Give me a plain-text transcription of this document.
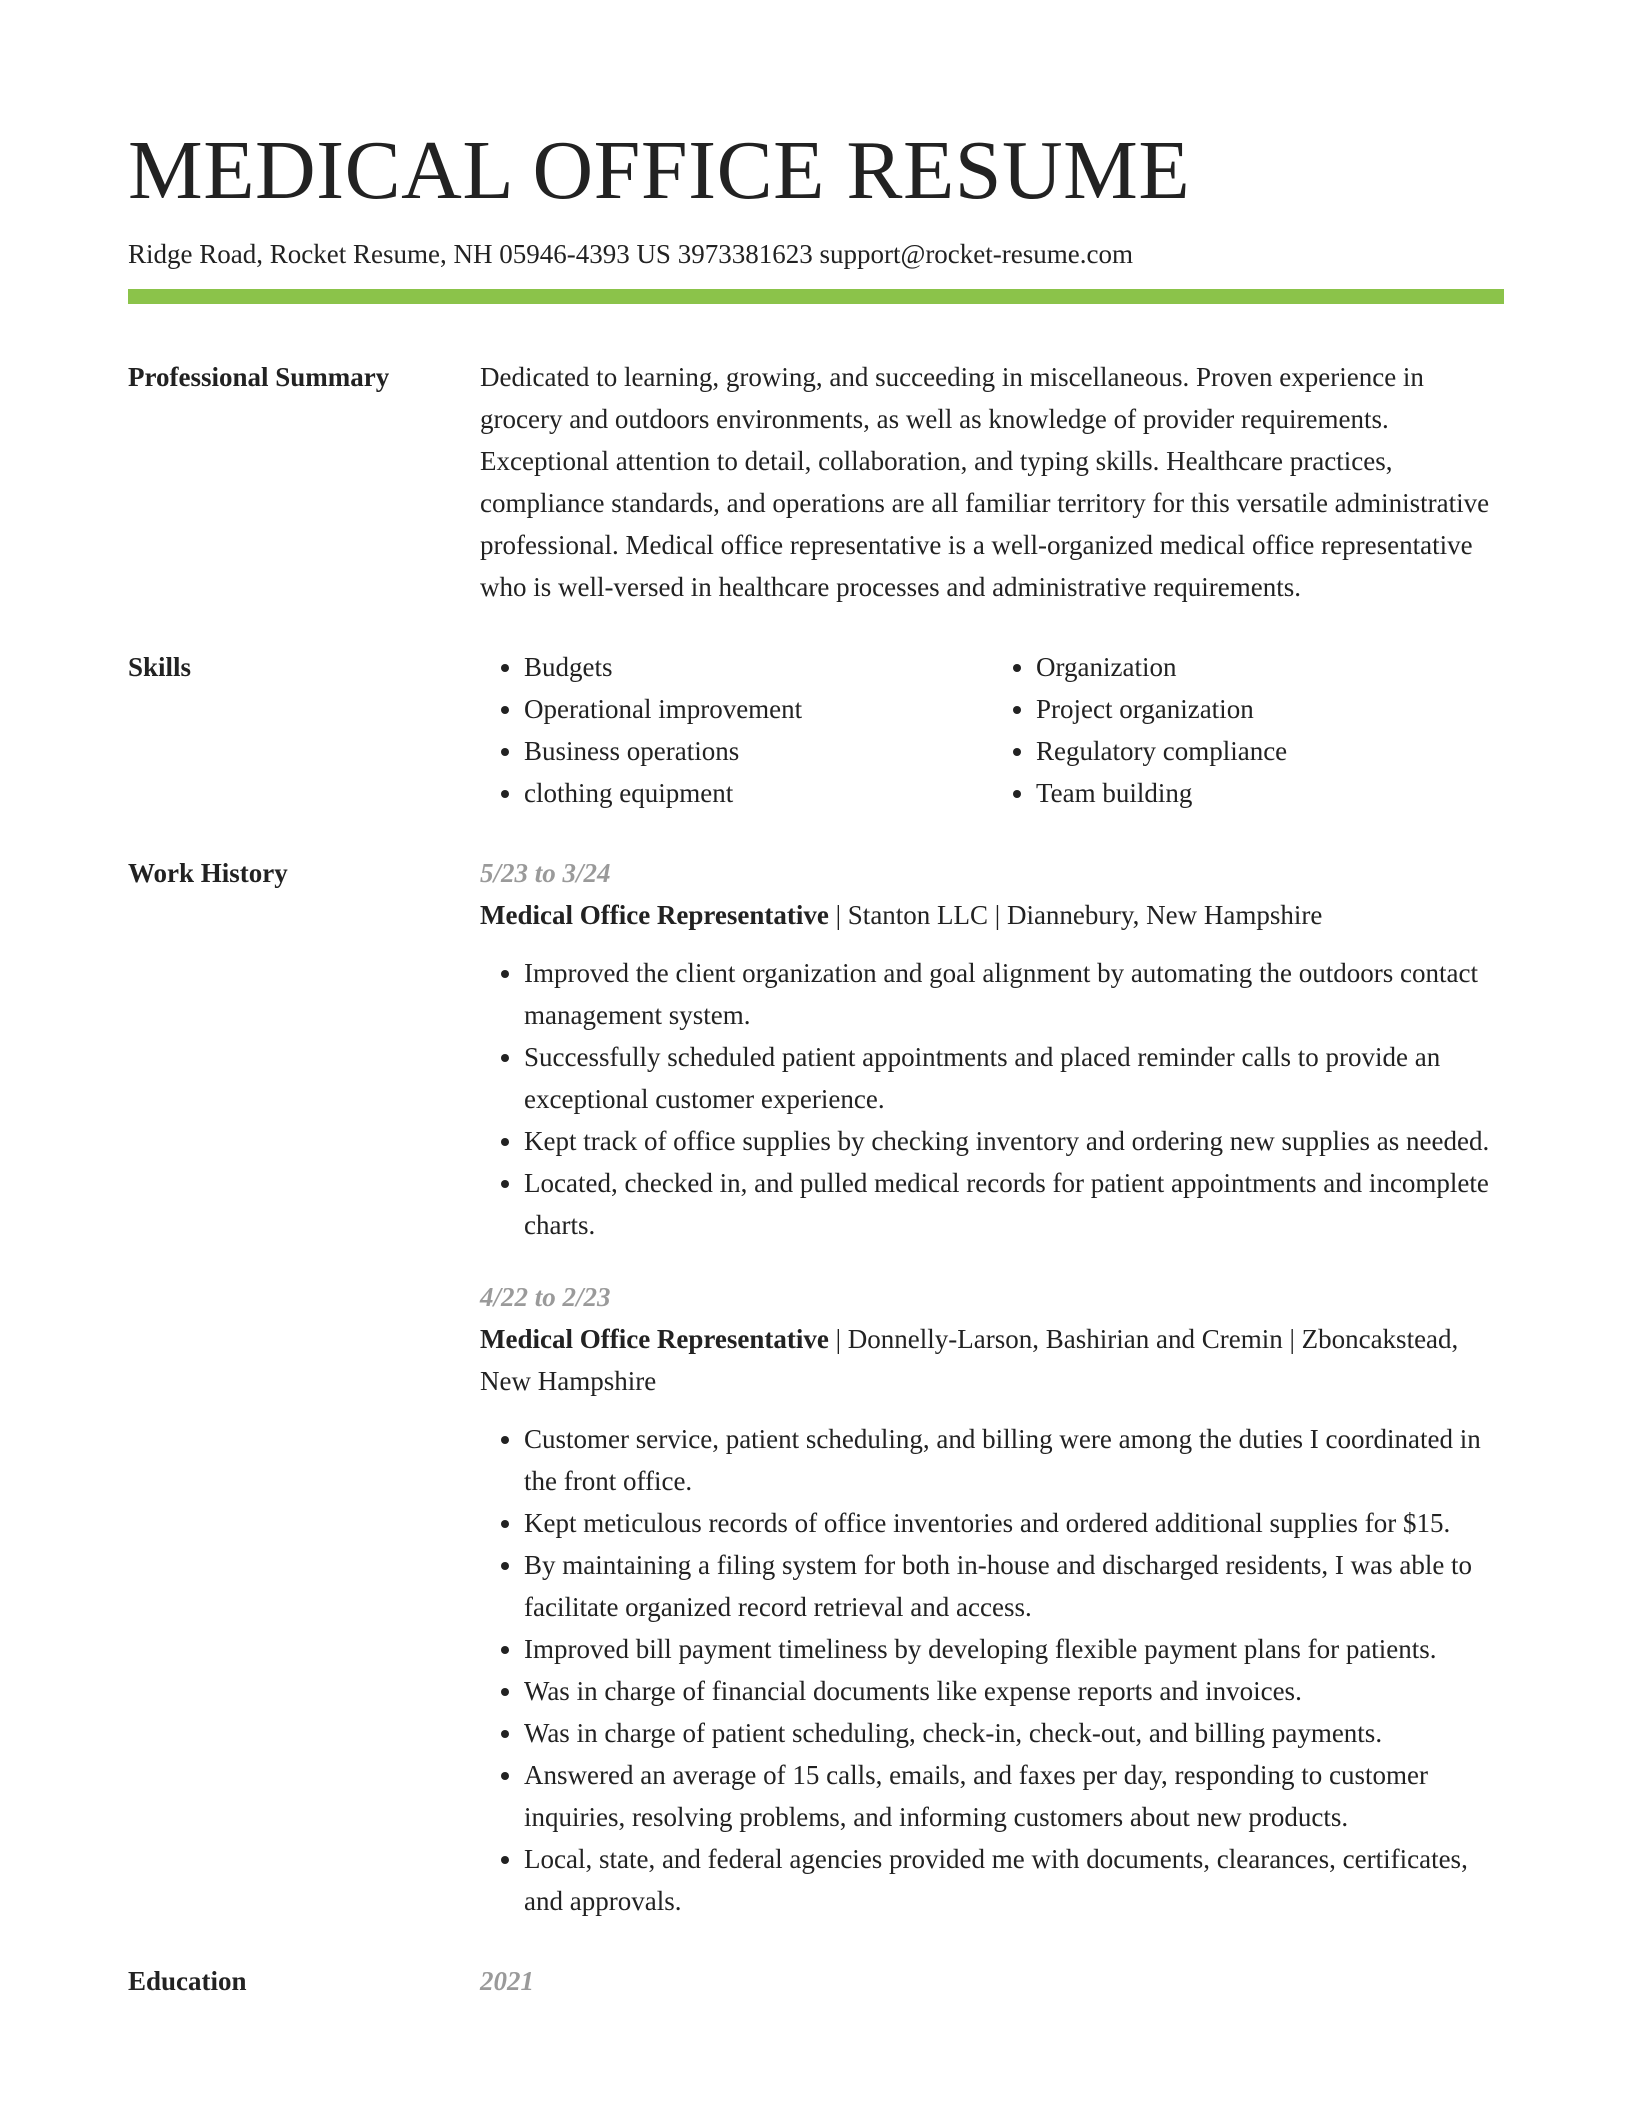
MEDICAL OFFICE RESUME
Ridge Road, Rocket Resume, NH 05946-4393 US 3973381623 support@rocket-resume.com
Professional Summary	Dedicated to learning, growing, and succeeding in miscellaneous. Proven experience in grocery and outdoors environments, as well as knowledge of provider requirements. Exceptional attention to detail, collaboration, and typing skills. Healthcare practices, compliance standards, and operations are all familiar territory for this versatile administrative professional. Medical office representative is a well-organized medical office representative who is well-versed in healthcare processes and administrative requirements.

Skills
•	Budgets
• Operational improvement
• Business operations
• clothing equipment
• Organization
• Project organization
• Regulatory compliance
• Team building
Work History	5/23 to 3/24
Medical Office Representative | Stanton LLC | Diannebury, New Hampshire
• Improved the client organization and goal alignment by automating the outdoors contact management system.
• Successfully scheduled patient appointments and placed reminder calls to provide an exceptional customer experience.
• Kept track of office supplies by checking inventory and ordering new supplies as needed.
• Located, checked in, and pulled medical records for patient appointments and incomplete charts.
4/22 to 2/23
Medical Office Representative | Donnelly-Larson, Bashirian and Cremin | Zboncakstead, New Hampshire
• Customer service, patient scheduling, and billing were among the duties I coordinated in the front office.
• Kept meticulous records of office inventories and ordered additional supplies for $15.
• By maintaining a filing system for both in-house and discharged residents, I was able to facilitate organized record retrieval and access.
• Improved bill payment timeliness by developing flexible payment plans for patients.
• Was in charge of financial documents like expense reports and invoices.
• Was in charge of patient scheduling, check-in, check-out, and billing payments.
• Answered an average of 15 calls, emails, and faxes per day, responding to customer inquiries, resolving problems, and informing customers about new products.
• Local, state, and federal agencies provided me with documents, clearances, certificates, and approvals.
Education	2021
